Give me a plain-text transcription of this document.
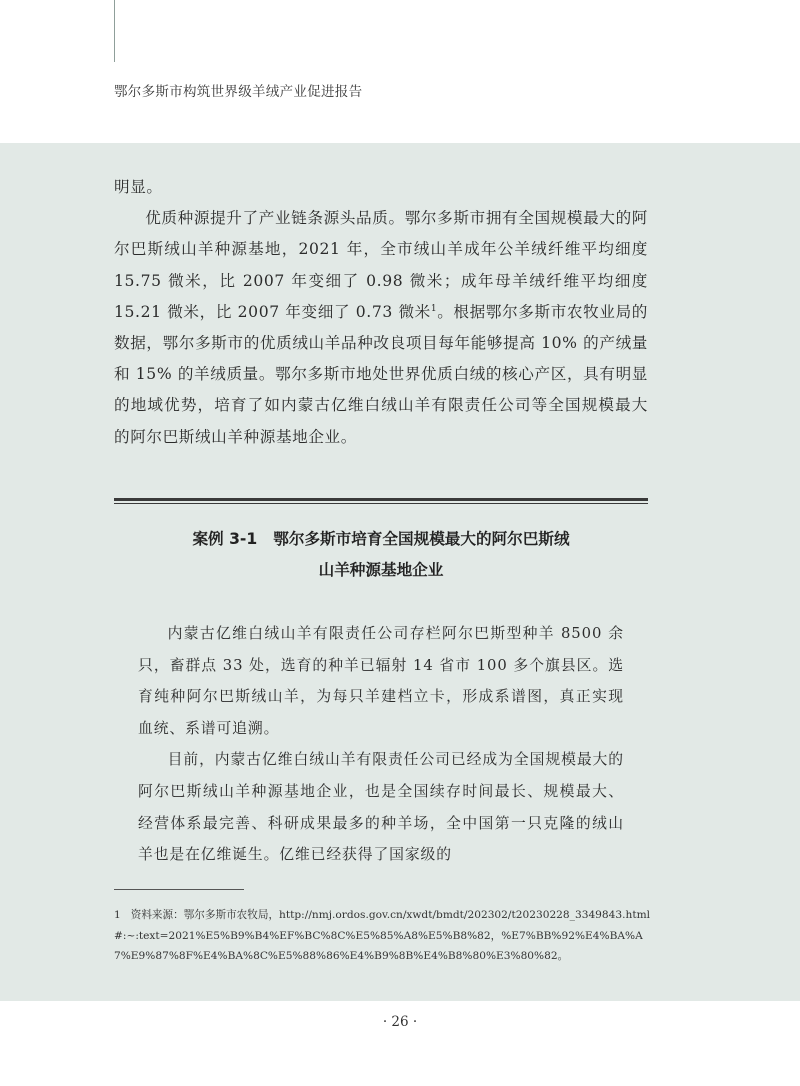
鄂尔多斯市构筑世界级羊绒产业促进报告

明显。

优质种源提升了产业链条源头品质。鄂尔多斯市拥有全国规模最大的阿尔巴斯绒山羊种源基地，2021 年，全市绒山羊成年公羊绒纤维平均细度 15.75 微米，比 2007 年变细了 0.98 微米；成年母羊绒纤维平均细度 15.21 微米，比 2007 年变细了 0.73 微米$^1$。根据鄂尔多斯市农牧业局的数据，鄂尔多斯市的优质绒山羊品种改良项目每年能够提高 10% 的产绒量和 15% 的羊绒质量。鄂尔多斯市地处世界优质白绒的核心产区，具有明显的地域优势，培育了如内蒙古亿维白绒山羊有限责任公司等全国规模最大的阿尔巴斯绒山羊种源基地企业。

案例 3-1 鄂尔多斯市培育全国规模最大的阿尔巴斯绒
山羊种源基地企业

内蒙古亿维白绒山羊有限责任公司存栏阿尔巴斯型种羊 8500 余只，畜群点 33 处，选育的种羊已辐射 14 省市 100 多个旗县区。选育纯种阿尔巴斯绒山羊，为每只羊建档立卡，形成系谱图，真正实现血统、系谱可追溯。

目前，内蒙古亿维白绒山羊有限责任公司已经成为全国规模最大的阿尔巴斯绒山羊种源基地企业，也是全国续存时间最长、规模最大、经营体系最完善、科研成果最多的种羊场，全中国第一只克隆的绒山羊也是在亿维诞生。亿维已经获得了国家级的

1 资料来源：鄂尔多斯市农牧局，http://nmj.ordos.gov.cn/xwdt/bmdt/202302/t20230228_3349843.html#:~:text=2021%E5%B9%B4%EF%BC%8C%E5%85%A8%E5%B8%82，%E7%BB%92%E4%BA%A7%E9%87%8F%E4%BA%8C%E5%88%86%E4%B9%8B%E4%B8%80%E3%80%82。
· 26 ·
